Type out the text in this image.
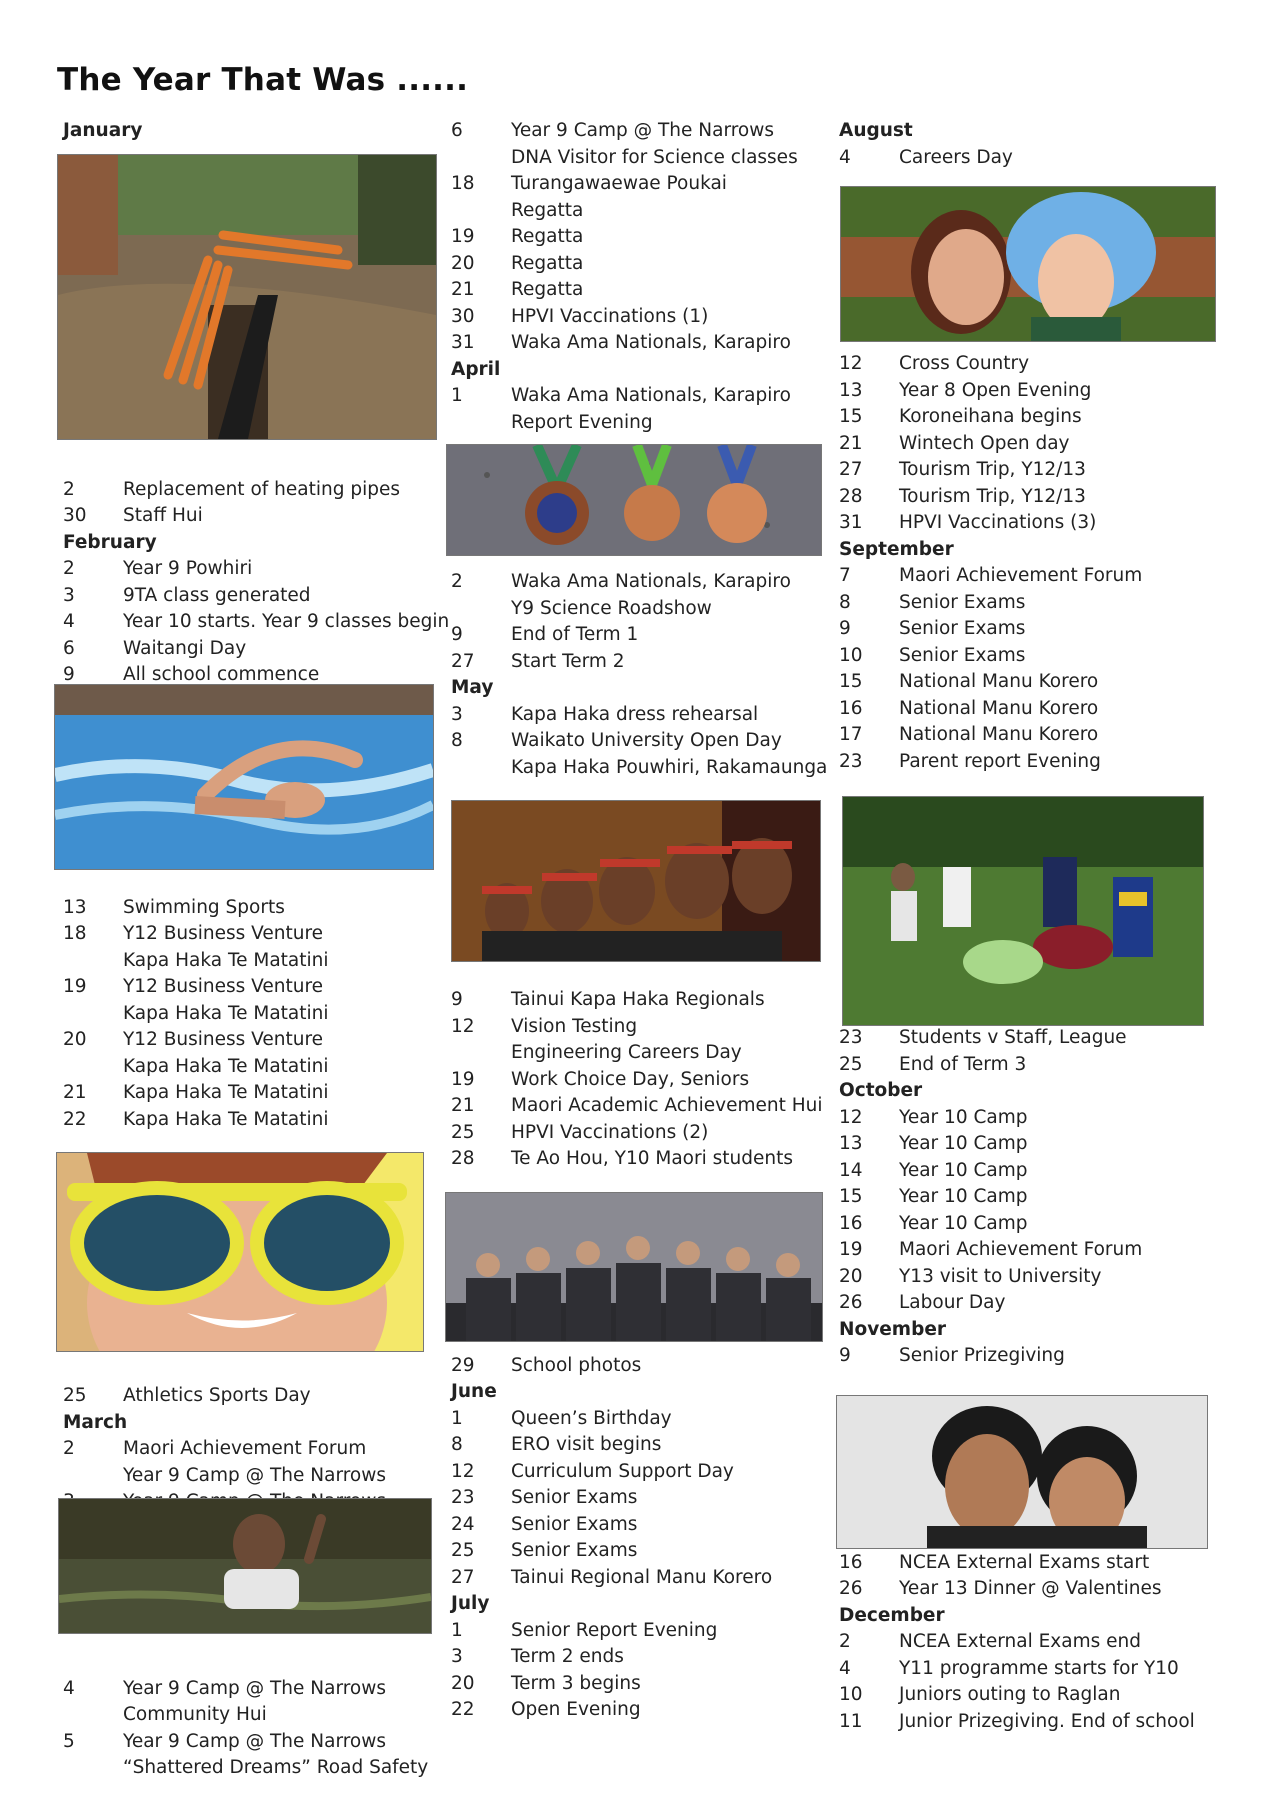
The Year That Was ......
January
2	Replacement of heating pipes
30 Staff Hui
February
2	Year 9 Powhiri
3	9TA class generated
4	Year 10 starts. Year 9 classes begin
6	Waitangi Day
9	All school commence
13 Swimming Sports
18 Y12 Business Venture
Kapa Haka Te Matatini
19 Y12 Business Venture
Kapa Haka Te Matatini
20 Y12 Business Venture
Kapa Haka Te Matatini
21 Kapa Haka Te Matatini
22 Kapa Haka Te Matatini
25 Athletics Sports Day
March
2	Maori Achievement Forum
Year 9 Camp @ The Narrows
4	Year 9 Camp @ The Narrows
Community Hui
5	Year 9 Camp @ The Narrows
“Shattered Dreams” Road Safety
6	Year 9 Camp @ The Narrows
DNA Visitor for Science classes
18 Turangawaewae Poukai
Regatta
19 Regatta
20 Regatta
21 Regatta
30 HPVI Vaccinations (1)
31 Waka Ama Nationals, Karapiro
April
1	Waka Ama Nationals, Karapiro
Report Evening
2	Waka Ama Nationals, Karapiro
Y9 Science Roadshow
9	End of Term 1
27 Start Term 2
May
3	Kapa Haka dress rehearsal
8	Waikato University Open Day
Kapa Haka Pouwhiri, Rakamaunga
9	Tainui Kapa Haka Regionals
12 Vision Testing
Engineering Careers Day
19 Work Choice Day, Seniors
21 Maori Academic Achievement Hui
25 HPVI Vaccinations (2)
28 Te Ao Hou, Y10 Maori students
29 School photos
June
1	Queen’s Birthday
8	ERO visit begins
12 Curriculum Support Day
23 Senior Exams
24 Senior Exams
25 Senior Exams
27 Tainui Regional Manu Korero
July
1	Senior Report Evening
3	Term 2 ends
20 Term 3 begins
22 Open Evening
August
4	Careers Day
12 Cross Country
13 Year 8 Open Evening
15 Koroneihana begins
21 Wintech Open day
27 Tourism Trip, Y12/13
28 Tourism Trip, Y12/13
31 HPVI Vaccinations (3)
September
7	Maori Achievement Forum
8	Senior Exams
9	Senior Exams
10 Senior Exams
15 National Manu Korero
16 National Manu Korero
17 National Manu Korero
23 Parent report Evening
23 Students v Staff, League
25 End of Term 3
October
12 Year 10 Camp
13 Year 10 Camp
14 Year 10 Camp
15 Year 10 Camp
16 Year 10 Camp
19 Maori Achievement Forum
20 Y13 visit to University
26 Labour Day
November
9	Senior Prizegiving
16 NCEA External Exams start
26 Year 13 Dinner @ Valentines
December
2	NCEA External Exams end
4	Y11 programme starts for Y10
10 Juniors outing to Raglan
11 Junior Prizegiving. End of school
